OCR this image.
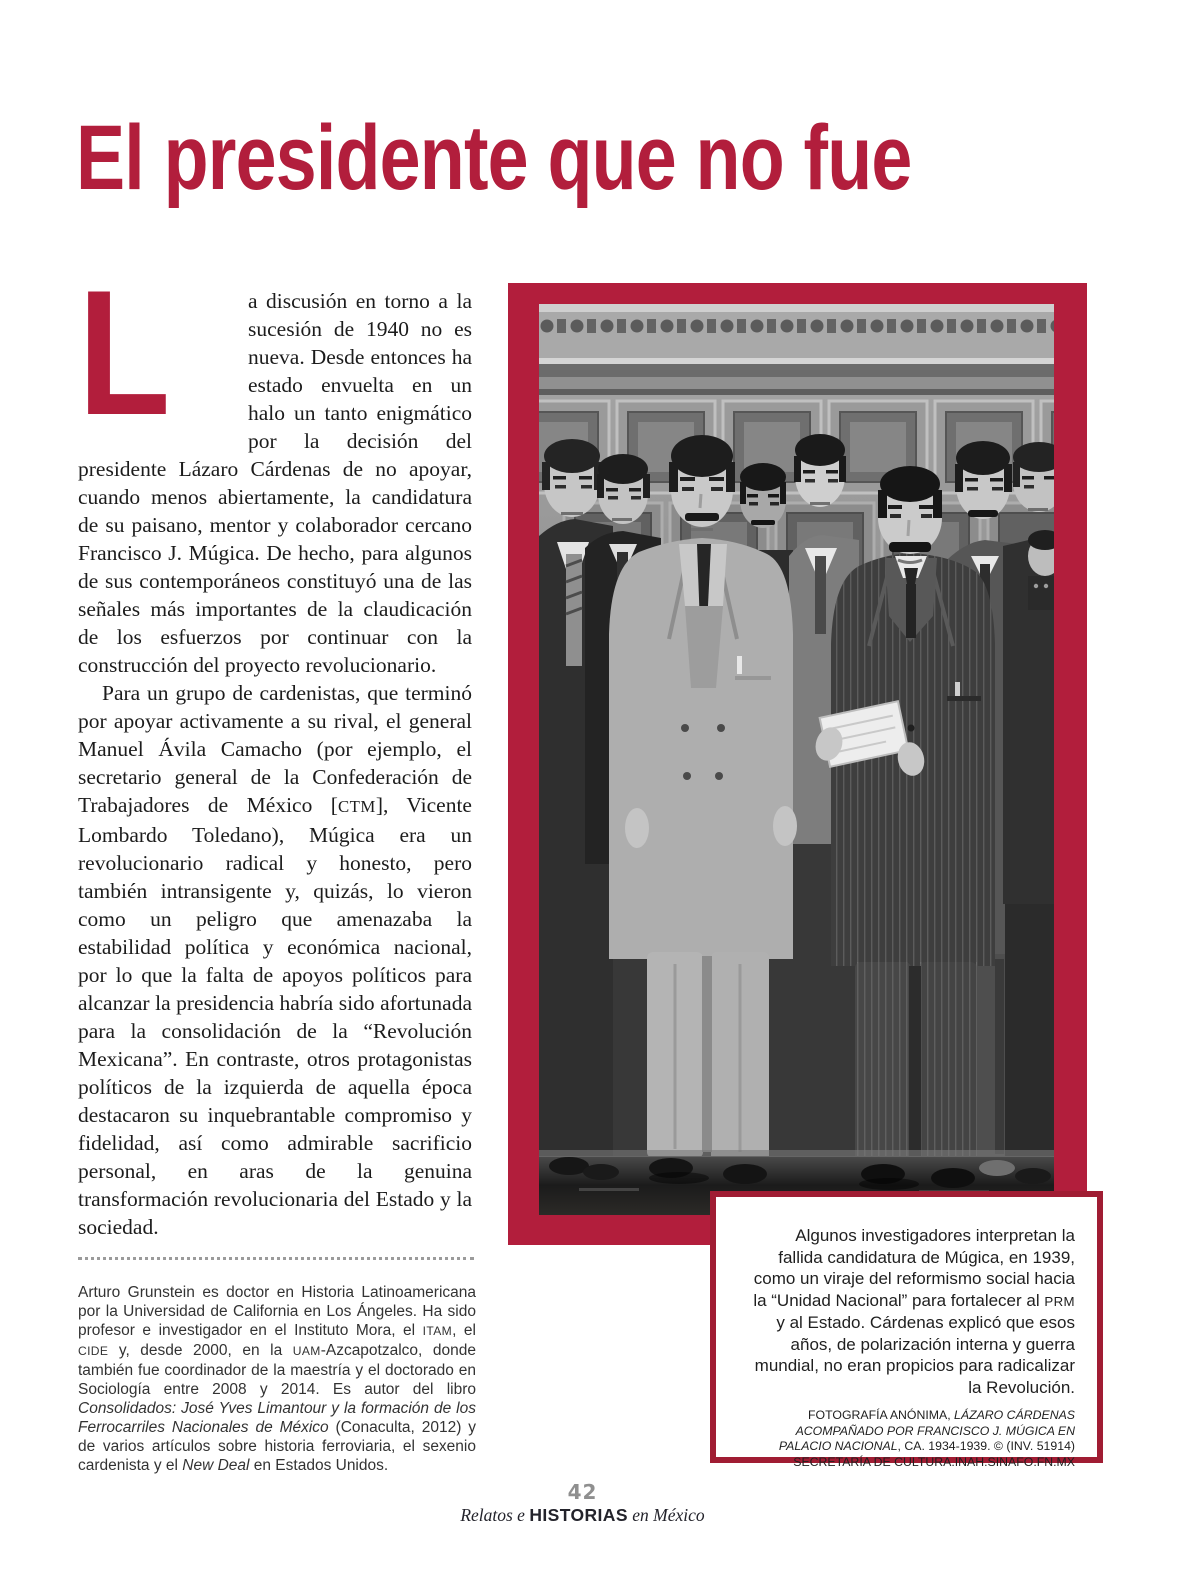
El presidente que no fue

L	a discusión en torno a la sucesión de 1940 no es nueva. Desde entonces ha estado envuelta en un halo un tanto enigmático por la decisión del presidente Lázaro Cárdenas de no apoyar, cuando menos abiertamente, la candidatura de su paisano, mentor y colaborador cercano Francisco J. Múgica. De hecho, para algunos de sus contemporáneos constituyó una de las señales más importantes de la claudicación de los esfuerzos por continuar con la construcción del proyecto revolucionario.

Para un grupo de cardenistas, que terminó por apoyar activamente a su rival, el general Manuel Ávila Camacho (por ejemplo, el secretario general de la Confederación de Trabajadores de México [CTM], Vicente Lombardo Toledano), Múgica era un revolucionario radical y honesto, pero también intransigente y, quizás, lo vieron como un peligro que amenazaba la estabilidad política y económica nacional, por lo que la falta de apoyos políticos para alcanzar la presidencia habría sido afortunada para la consolidación de la “Revolución Mexicana”. En contraste, otros protagonistas políticos de la izquierda de aquella época destacaron su inquebrantable compromiso y fidelidad, así como admirable sacrificio personal, en aras de la genuina transformación revolucionaria del Estado y la sociedad.

Arturo Grunstein es doctor en Historia Latinoamericana por la Universidad de California en Los Ángeles. Ha sido profesor e investigador en el Instituto Mora, el ITAM, el CIDE y, desde 2000, en la UAM-Azcapotzalco, donde también fue coordinador de la maestría y el doctorado en Sociología entre 2008 y 2014. Es autor del libro Consolidados: José Yves Limantour y la formación de los Ferrocarriles Nacionales de México (Conaculta, 2012) y de varios artículos sobre historia ferroviaria, el sexenio cardenista y el New Deal en Estados Unidos.

Algunos investigadores interpretan la fallida candidatura de Múgica, en 1939, como un viraje del reformismo social hacia la “Unidad Nacional” para fortalecer al PRM y al Estado. Cárdenas explicó que esos años, de polarización interna y guerra mundial, no eran propicios para radicalizar la Revolución.

FOTOGRAFÍA ANÓNIMA, LÁZARO CÁRDENAS ACOMPAÑADO POR FRANCISCO J. MÚGICA EN PALACIO NACIONAL, CA. 1934-1939. © (INV. 51914) SECRETARÍA DE CULTURA.INAH.SINAFO.FN.MX

42
Relatos e HISTORIAS en México
